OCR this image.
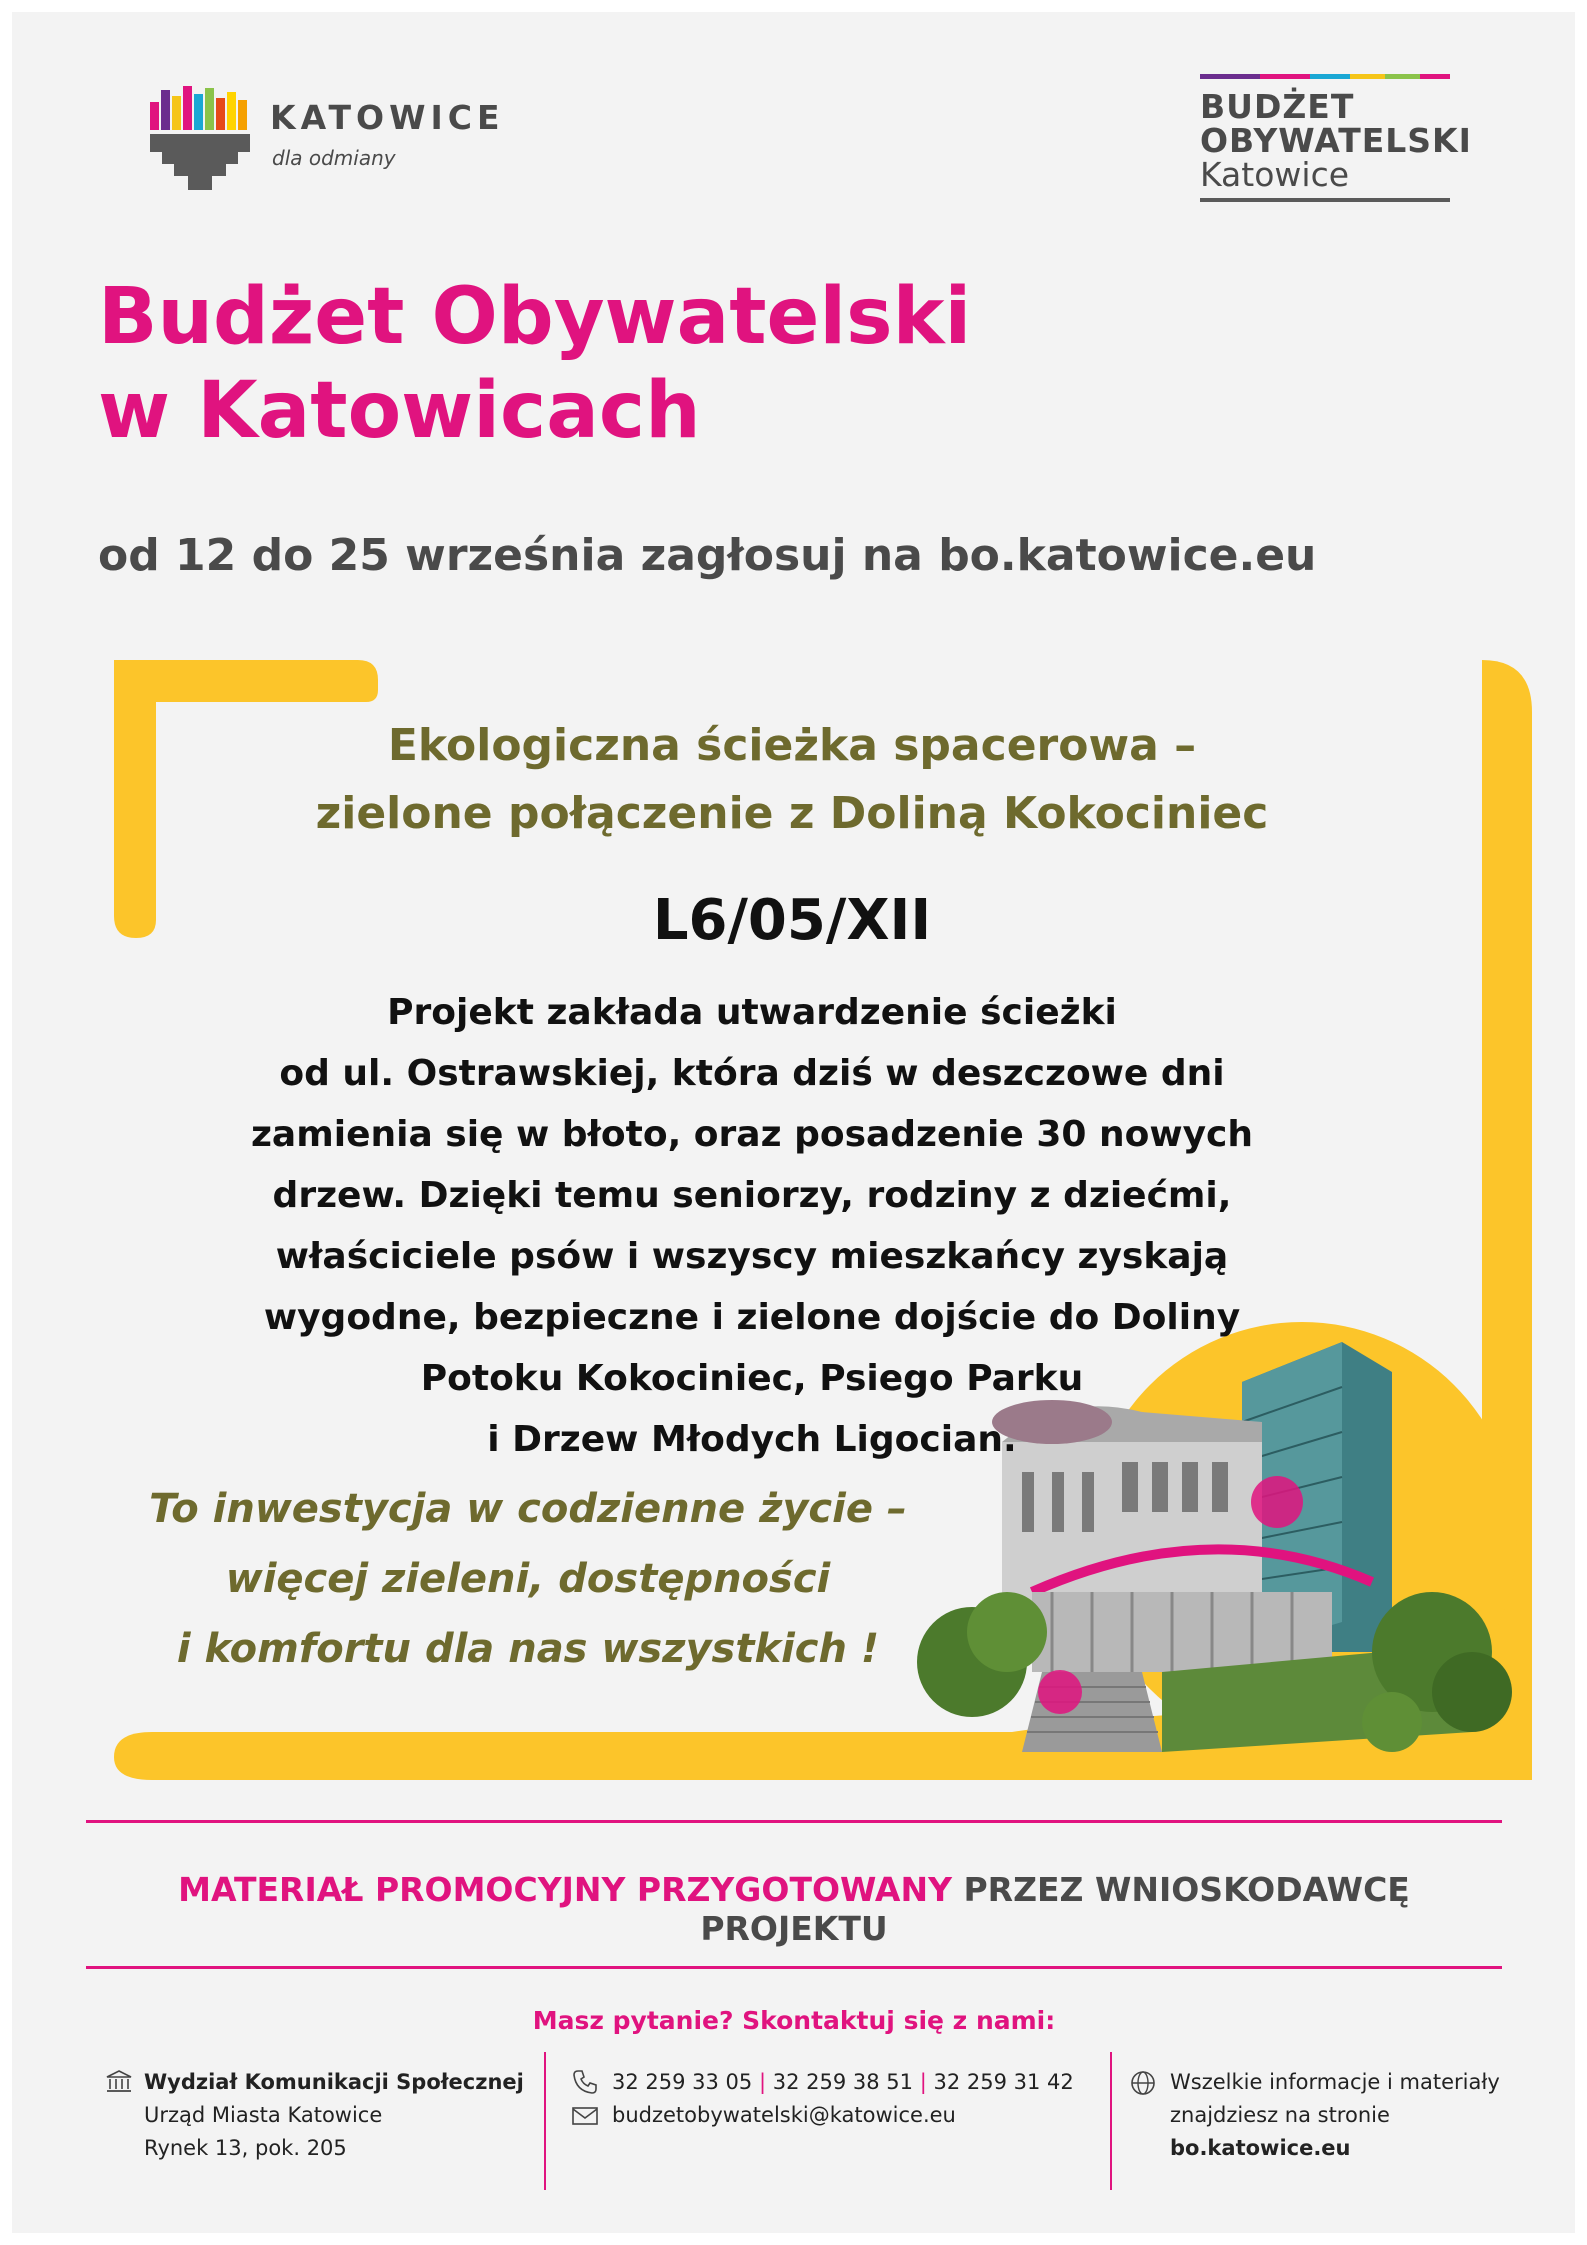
KATOWICE
dla odmiany
BUDŻET
OBYWATELSKI
Katowice
Budżet Obywatelski
w Katowicach
od 12 do 25 września zagłosuj na bo.katowice.eu
Ekologiczna ścieżka spacerowa –
zielone połączenie z Doliną Kokociniec
L6/05/XII
Projekt zakłada utwardzenie ścieżki
od ul. Ostrawskiej, która dziś w deszczowe dni
zamienia się w błoto, oraz posadzenie 30 nowych
drzew. Dzięki temu seniorzy, rodziny z dziećmi,
właściciele psów i wszyscy mieszkańcy zyskają
wygodne, bezpieczne i zielone dojście do Doliny
Potoku Kokociniec, Psiego Parku
i Drzew Młodych Ligocian.
To inwestycja w codzienne życie –
więcej zieleni, dostępności
i komfortu dla nas wszystkich !
MATERIAŁ PROMOCYJNY PRZYGOTOWANY PRZEZ WNIOSKODAWCĘ PROJEKTU
Masz pytanie? Skontaktuj się z nami:
Wydział Komunikacji Społecznej
Urząd Miasta Katowice
Rynek 13, pok. 205
32 259 33 05 | 32 259 38 51 | 32 259 31 42
budzetobywatelski@katowice.eu
Wszelkie informacje i materiały
znajdziesz na stronie
bo.katowice.eu
